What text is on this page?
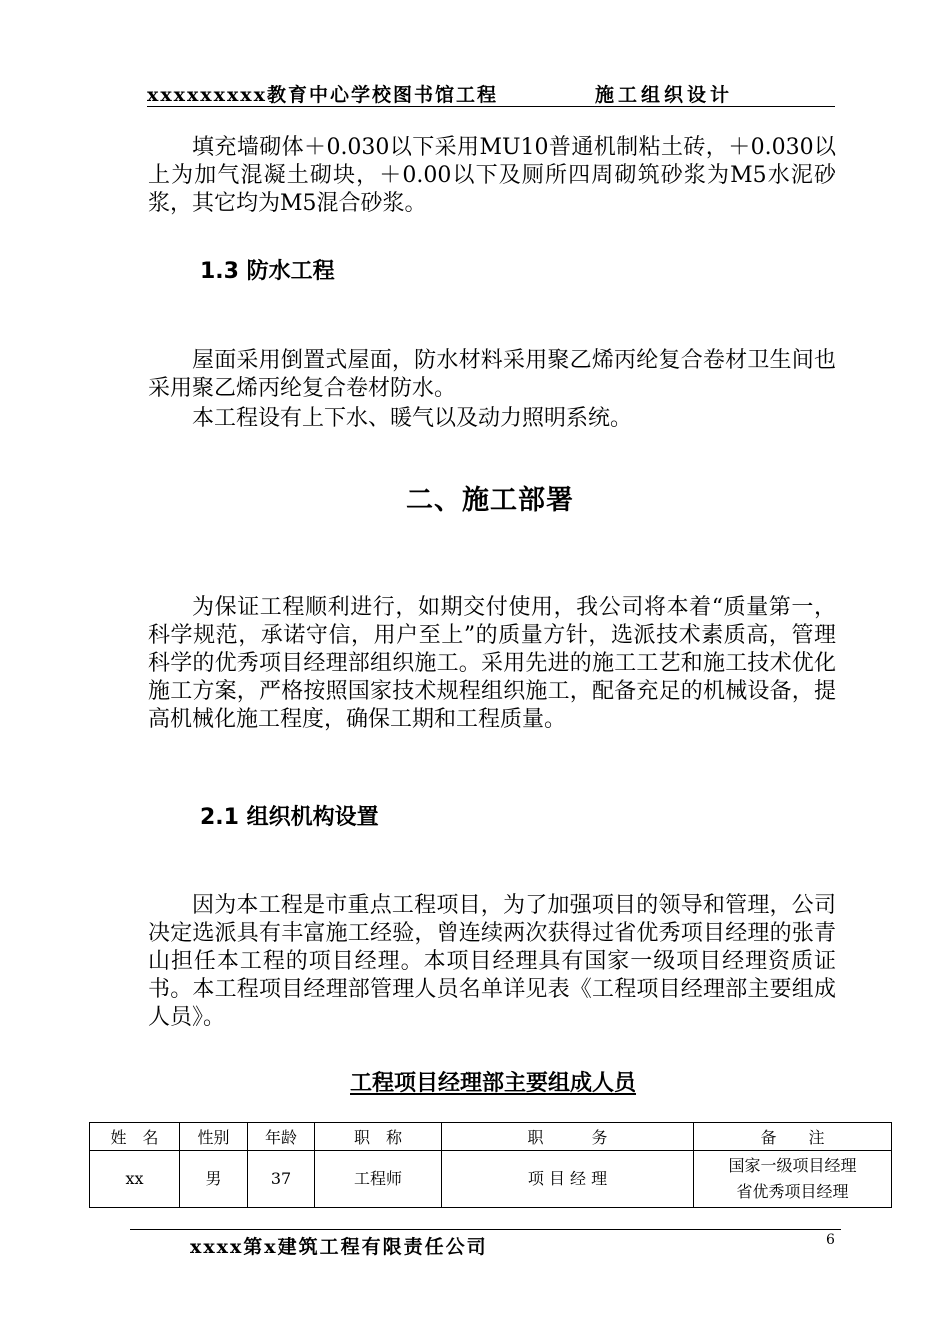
xxxxxxxxx教育中心学校图书馆工程	施工组织设计

填充墙砌体＋0.030以下采用MU10普通机制粘土砖，＋0.030以上为加气混凝土砌块，＋0.00以下及厕所四周砌筑砂浆为M5水泥砂浆，其它均为M5混合砂浆。

1.3 防水工程

屋面采用倒置式屋面，防水材料采用聚乙烯丙纶复合卷材卫生间也采用聚乙烯丙纶复合卷材防水。

本工程设有上下水、暖气以及动力照明系统。

二、施工部署

为保证工程顺利进行，如期交付使用，我公司将本着“质量第一，科学规范，承诺守信，用户至上”的质量方针，选派技术素质高，管理科学的优秀项目经理部组织施工。采用先进的施工工艺和施工技术优化施工方案，严格按照国家技术规程组织施工，配备充足的机械设备，提高机械化施工程度，确保工期和工程质量。

2.1 组织机构设置

因为本工程是市重点工程项目，为了加强项目的领导和管理，公司决定选派具有丰富施工经验，曾连续两次获得过省优秀项目经理的张青山担任本工程的项目经理。本项目经理具有国家一级项目经理资质证书。本工程项目经理部管理人员名单详见表《工程项目经理部主要组成人员》。

工程项目经理部主要组成人员
姓　名	性别	年龄	职　称	职　　　务	备　　注
xx	男	37	工程师	项 目 经 理	国家一级项目经理
省优秀项目经理
xxxx第x建筑工程有限责任公司	6
